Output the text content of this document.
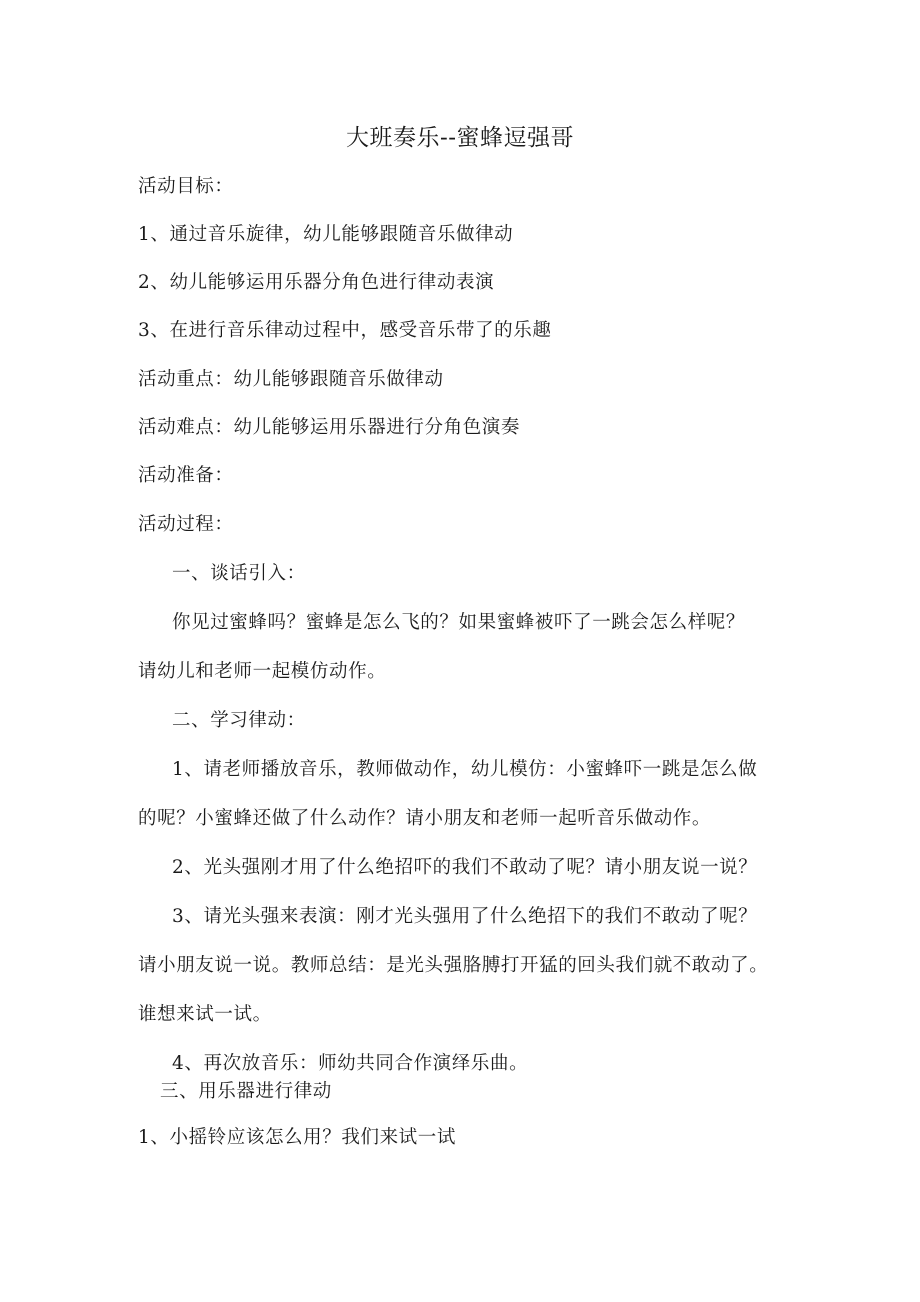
大班奏乐--蜜蜂逗强哥

活动目标：

1、通过音乐旋律，幼儿能够跟随音乐做律动

2、幼儿能够运用乐器分角色进行律动表演

3、在进行音乐律动过程中，感受音乐带了的乐趣

活动重点：幼儿能够跟随音乐做律动

活动难点：幼儿能够运用乐器进行分角色演奏

活动准备：

活动过程：

一、谈话引入：

你见过蜜蜂吗？蜜蜂是怎么飞的？如果蜜蜂被吓了一跳会怎么样呢？

请幼儿和老师一起模仿动作。

二、学习律动：

1、请老师播放音乐，教师做动作，幼儿模仿：小蜜蜂吓一跳是怎么做

的呢？小蜜蜂还做了什么动作？请小朋友和老师一起听音乐做动作。

2、光头强刚才用了什么绝招吓的我们不敢动了呢？请小朋友说一说？

3、请光头强来表演：刚才光头强用了什么绝招下的我们不敢动了呢？

请小朋友说一说。教师总结：是光头强胳膊打开猛的回头我们就不敢动了。

谁想来试一试。

4、再次放音乐：师幼共同合作演绎乐曲。

三、用乐器进行律动

1、小摇铃应该怎么用？我们来试一试
